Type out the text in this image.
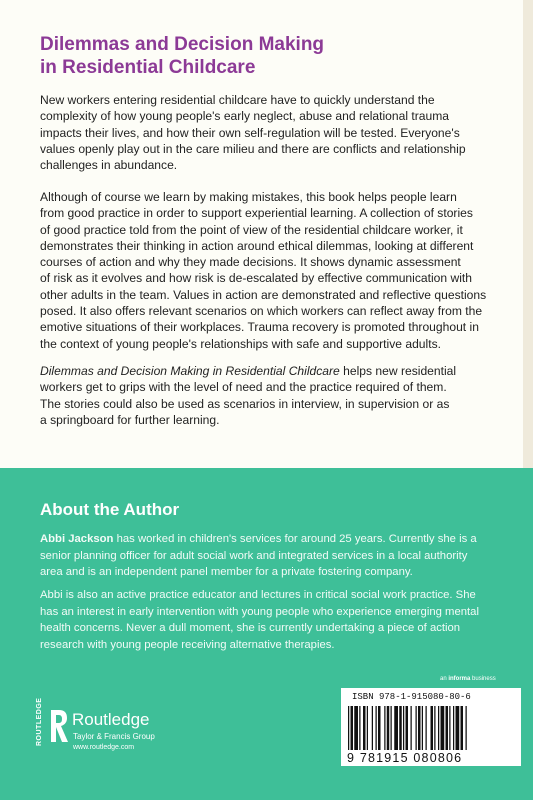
Dilemmas and Decision Making
in Residential Childcare
New workers entering residential childcare have to quickly understand the
complexity of how young people's early neglect, abuse and relational trauma
impacts their lives, and how their own self-regulation will be tested. Everyone's
values openly play out in the care milieu and there are conflicts and relationship
challenges in abundance.
Although of course we learn by making mistakes, this book helps people learn
from good practice in order to support experiential learning. A collection of stories
of good practice told from the point of view of the residential childcare worker, it
demonstrates their thinking in action around ethical dilemmas, looking at different
courses of action and why they made decisions. It shows dynamic assessment
of risk as it evolves and how risk is de-escalated by effective communication with
other adults in the team. Values in action are demonstrated and reflective questions
posed. It also offers relevant scenarios on which workers can reflect away from the
emotive situations of their workplaces. Trauma recovery is promoted throughout in
the context of young people's relationships with safe and supportive adults.
Dilemmas and Decision Making in Residential Childcare helps new residential
workers get to grips with the level of need and the practice required of them.
The stories could also be used as scenarios in interview, in supervision or as
a springboard for further learning.
About the Author
Abbi Jackson has worked in children's services for around 25 years. Currently she is a
senior planning officer for adult social work and integrated services in a local authority
area and is an independent panel member for a private fostering company.
Abbi is also an active practice educator and lectures in critical social work practice. She
has an interest in early intervention with young people who experience emerging mental
health concerns. Never a dull moment, she is currently undertaking a piece of action
research with young people receiving alternative therapies.
ROUTLEDGE Routledge
Taylor & Francis Group
www.routledge.com
an informa business
ISBN 978-1-915080-80-6
9 781915 080806
